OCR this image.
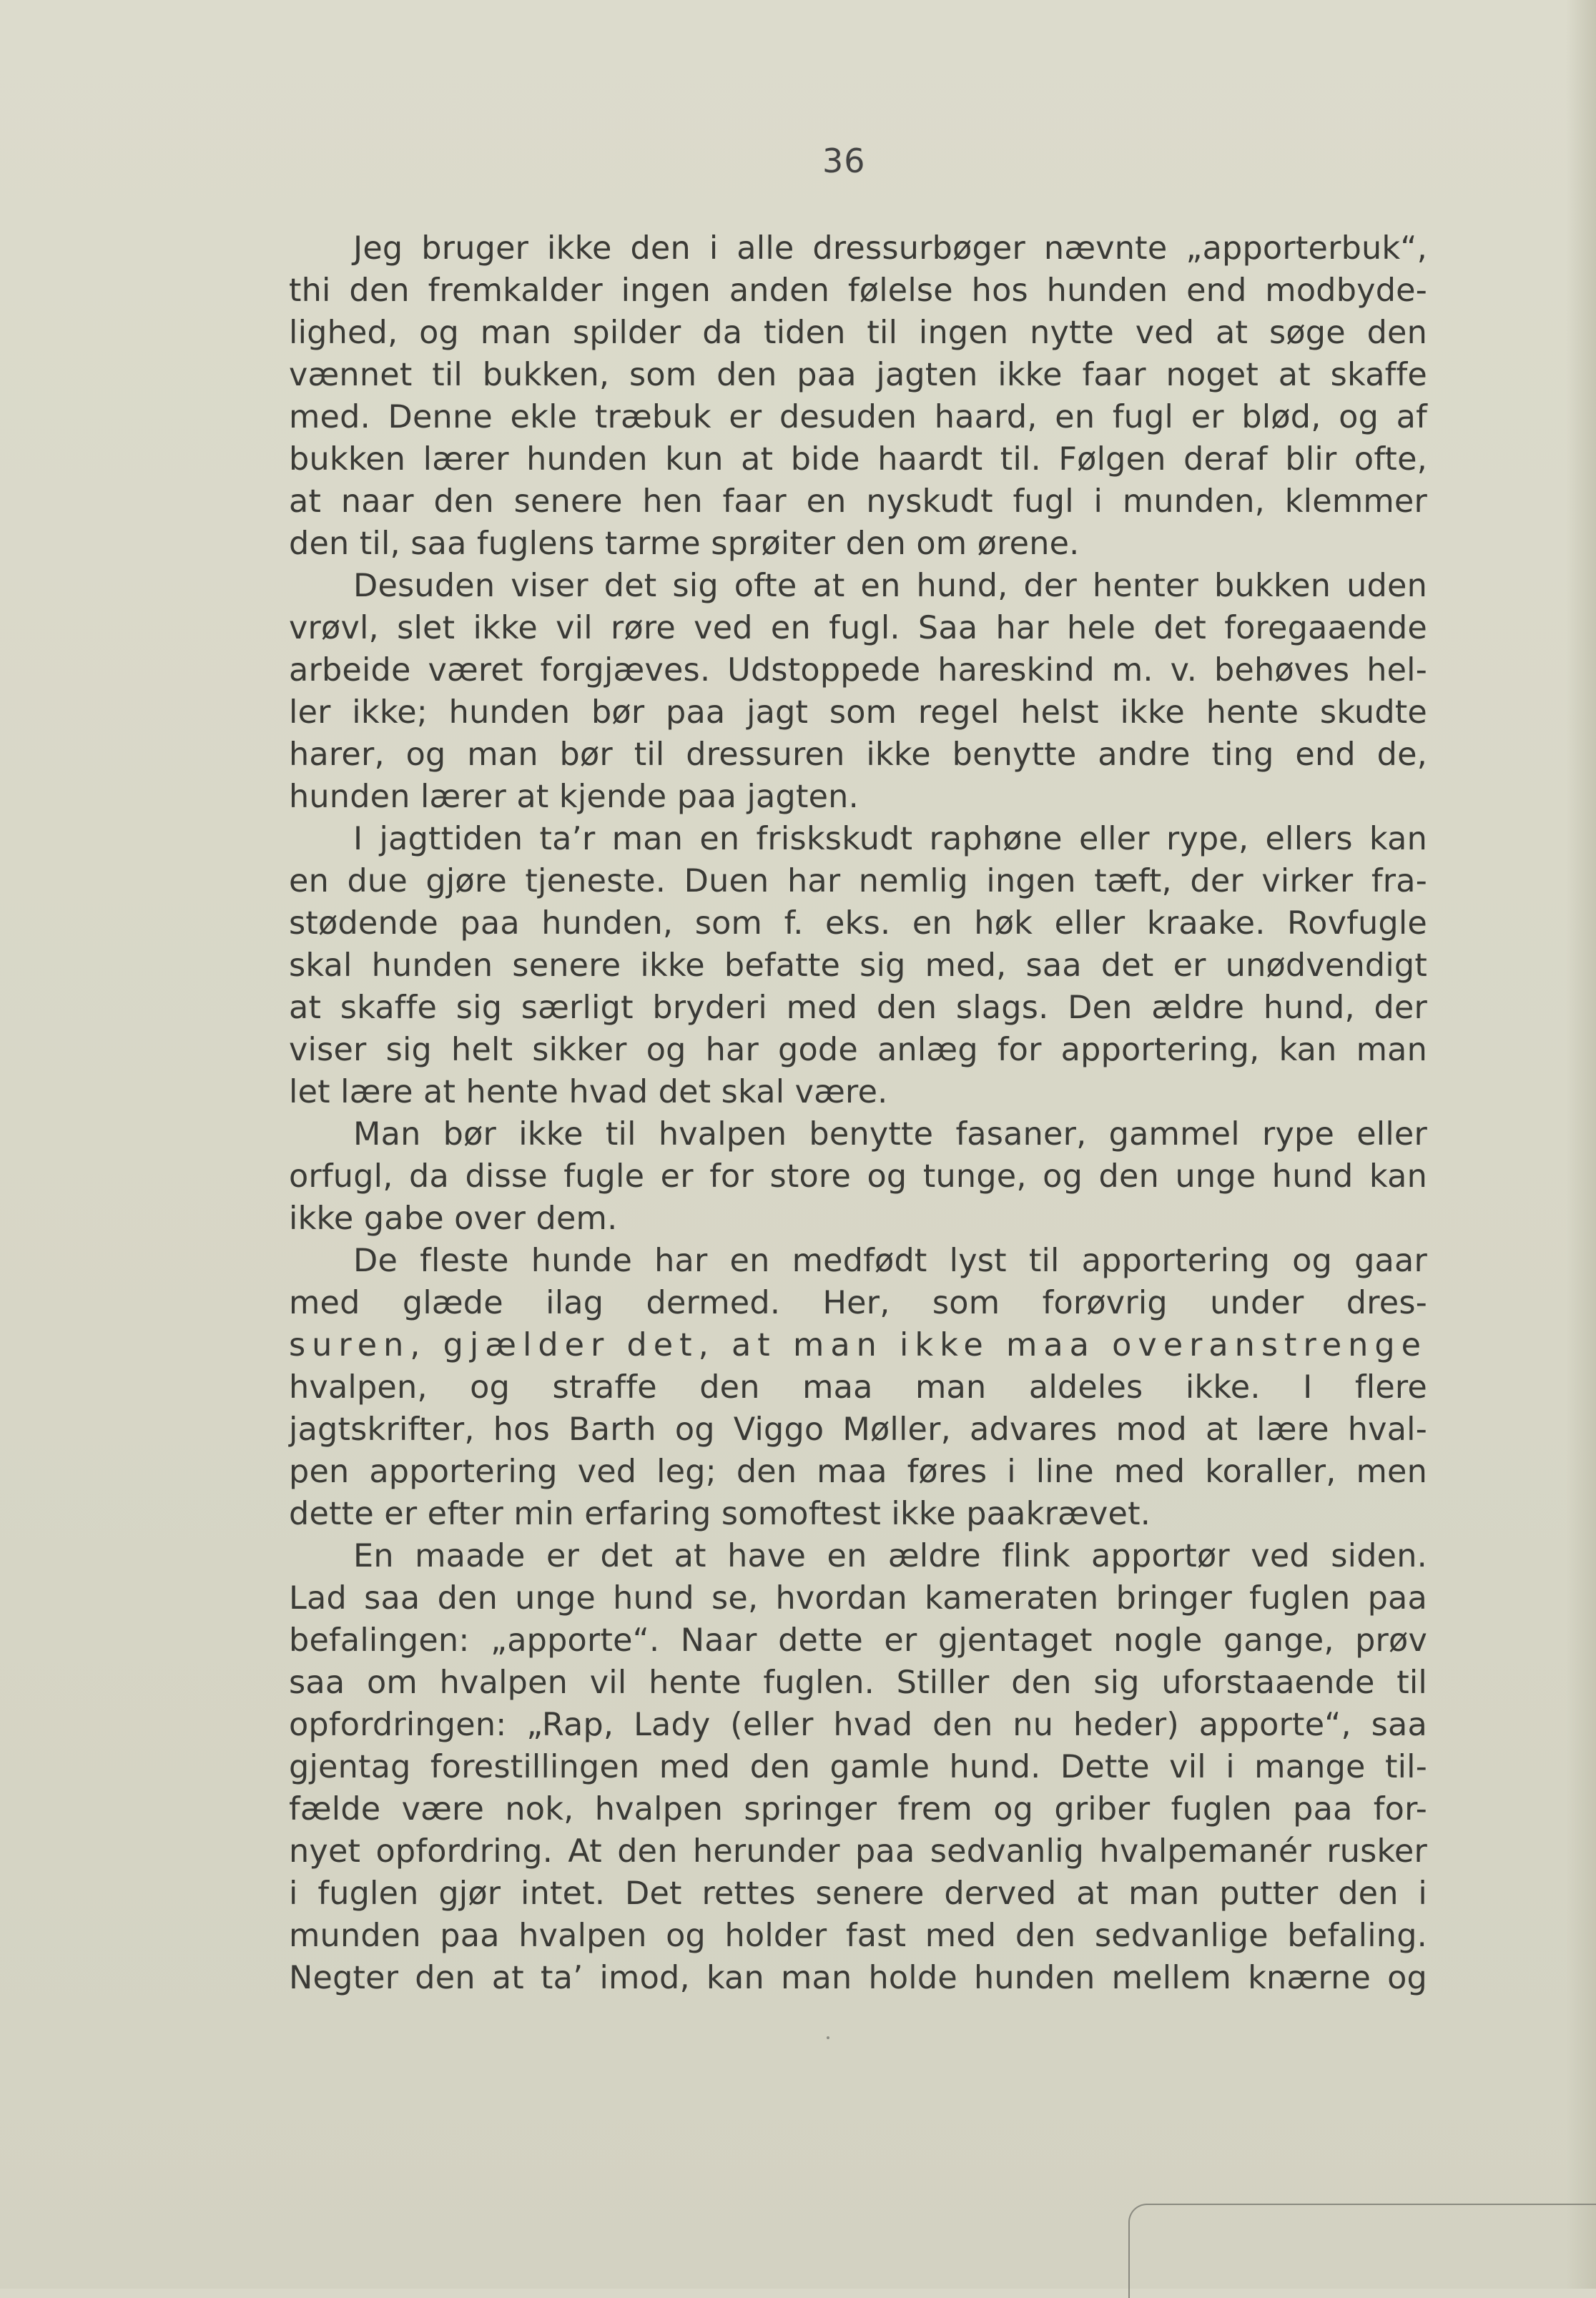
36
Jeg bruger ikke den i alle dressurbøger nævnte „apporterbuk“,
thi den fremkalder ingen anden følelse hos hunden end modbyde-
lighed, og man spilder da tiden til ingen nytte ved at søge den
vænnet til bukken, som den paa jagten ikke faar noget at skaffe
med. Denne ekle træbuk er desuden haard, en fugl er blød, og af
bukken lærer hunden kun at bide haardt til. Følgen deraf blir ofte,
at naar den senere hen faar en nyskudt fugl i munden, klemmer
den til, saa fuglens tarme sprøiter den om ørene.
Desuden viser det sig ofte at en hund, der henter bukken uden
vrøvl, slet ikke vil røre ved en fugl. Saa har hele det foregaaende
arbeide været forgjæves. Udstoppede hareskind m. v. behøves hel-
ler ikke; hunden bør paa jagt som regel helst ikke hente skudte
harer, og man bør til dressuren ikke benytte andre ting end de,
hunden lærer at kjende paa jagten.
I jagttiden ta’r man en friskskudt raphøne eller rype, ellers kan
en due gjøre tjeneste. Duen har nemlig ingen tæft, der virker fra-
stødende paa hunden, som f. eks. en høk eller kraake. Rovfugle
skal hunden senere ikke befatte sig med, saa det er unødvendigt
at skaffe sig særligt bryderi med den slags. Den ældre hund, der
viser sig helt sikker og har gode anlæg for apportering, kan man
let lære at hente hvad det skal være.
Man bør ikke til hvalpen benytte fasaner, gammel rype eller
orfugl, da disse fugle er for store og tunge, og den unge hund kan
ikke gabe over dem.
De fleste hunde har en medfødt lyst til apportering og gaar
med glæde ilag dermed. Her, som forøvrig under dres-
suren, gjælder det, at man ikke maa overanstrenge
hvalpen, og straffe den maa man aldeles ikke. I flere
jagtskrifter, hos Barth og Viggo Møller, advares mod at lære hval-
pen apportering ved leg; den maa føres i line med koraller, men
dette er efter min erfaring somoftest ikke paakrævet.
En maade er det at have en ældre flink apportør ved siden.
Lad saa den unge hund se, hvordan kameraten bringer fuglen paa
befalingen: „apporte“. Naar dette er gjentaget nogle gange, prøv
saa om hvalpen vil hente fuglen. Stiller den sig uforstaaende til
opfordringen: „Rap, Lady (eller hvad den nu heder) apporte“, saa
gjentag forestillingen med den gamle hund. Dette vil i mange til-
fælde være nok, hvalpen springer frem og griber fuglen paa for-
nyet opfordring. At den herunder paa sedvanlig hvalpemanér rusker
i fuglen gjør intet. Det rettes senere derved at man putter den i
munden paa hvalpen og holder fast med den sedvanlige befaling.
Negter den at ta’ imod, kan man holde hunden mellem knærne og
